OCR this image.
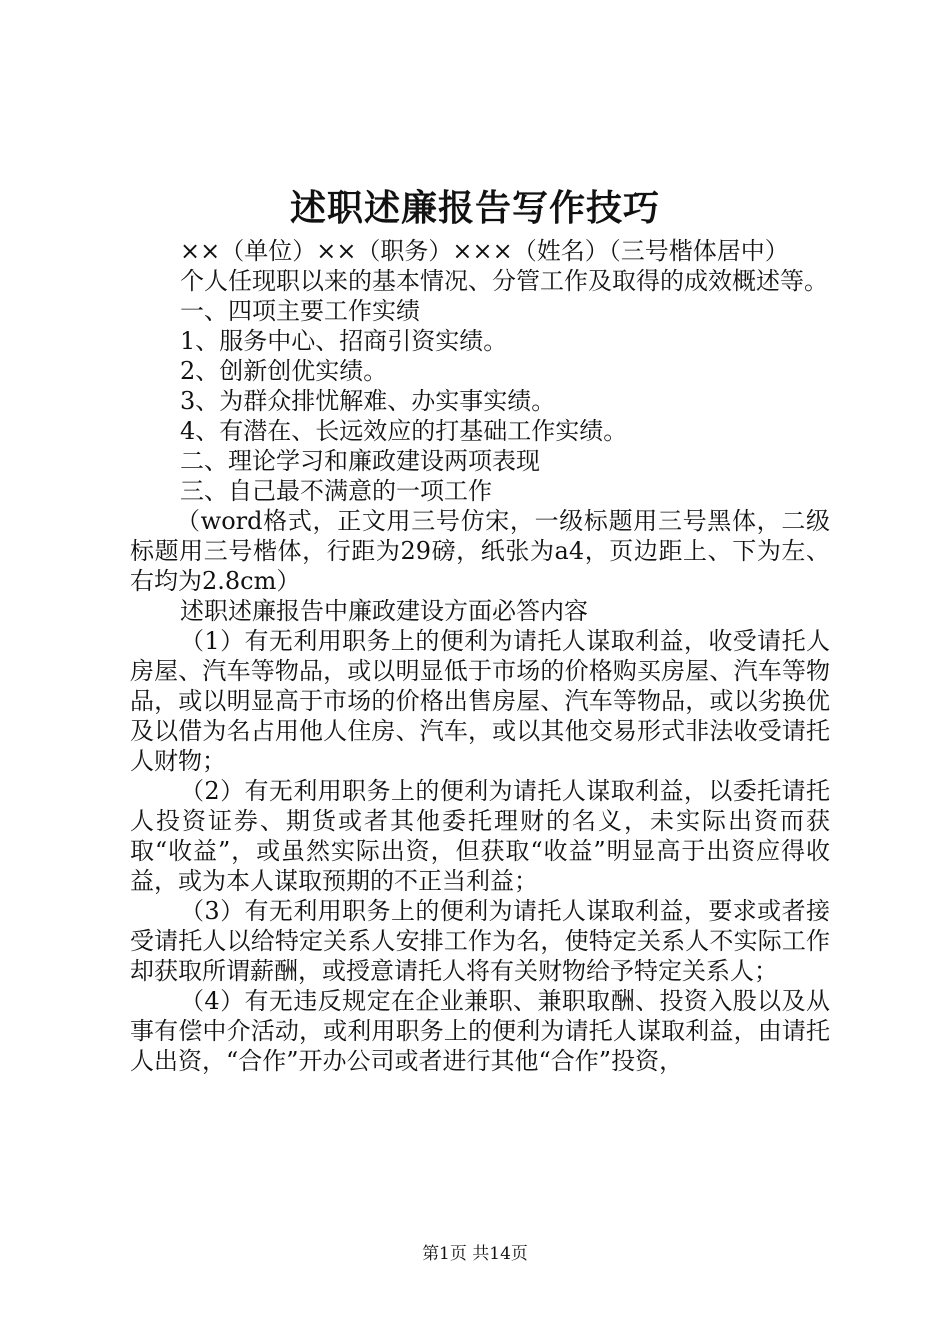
述职述廉报告写作技巧

××（单位）××（职务）×××（姓名）（三号楷体居中）

个人任现职以来的基本情况、分管工作及取得的成效概述等。

一、四项主要工作实绩

1、服务中心、招商引资实绩。

2、创新创优实绩。

3、为群众排忧解难、办实事实绩。

4、有潜在、长远效应的打基础工作实绩。

二、理论学习和廉政建设两项表现

三、自己最不满意的一项工作

（word格式，正文用三号仿宋，一级标题用三号黑体，二级标题用三号楷体，行距为29磅，纸张为a4，页边距上、下为左、右均为2.8cm）

述职述廉报告中廉政建设方面必答内容

（1）有无利用职务上的便利为请托人谋取利益，收受请托人房屋、汽车等物品，或以明显低于市场的价格购买房屋、汽车等物品，或以明显高于市场的价格出售房屋、汽车等物品，或以劣换优及以借为名占用他人住房、汽车，或以其他交易形式非法收受请托人财物；

（2）有无利用职务上的便利为请托人谋取利益，以委托请托人投资证券、期货或者其他委托理财的名义，未实际出资而获取“收益”，或虽然实际出资，但获取“收益”明显高于出资应得收益，或为本人谋取预期的不正当利益；

（3）有无利用职务上的便利为请托人谋取利益，要求或者接受请托人以给特定关系人安排工作为名，使特定关系人不实际工作却获取所谓薪酬，或授意请托人将有关财物给予特定关系人；

（4）有无违反规定在企业兼职、兼职取酬、投资入股以及从事有偿中介活动，或利用职务上的便利为请托人谋取利益，由请托人出资，“合作”开办公司或者进行其他“合作”投资，

第1页 共14页
